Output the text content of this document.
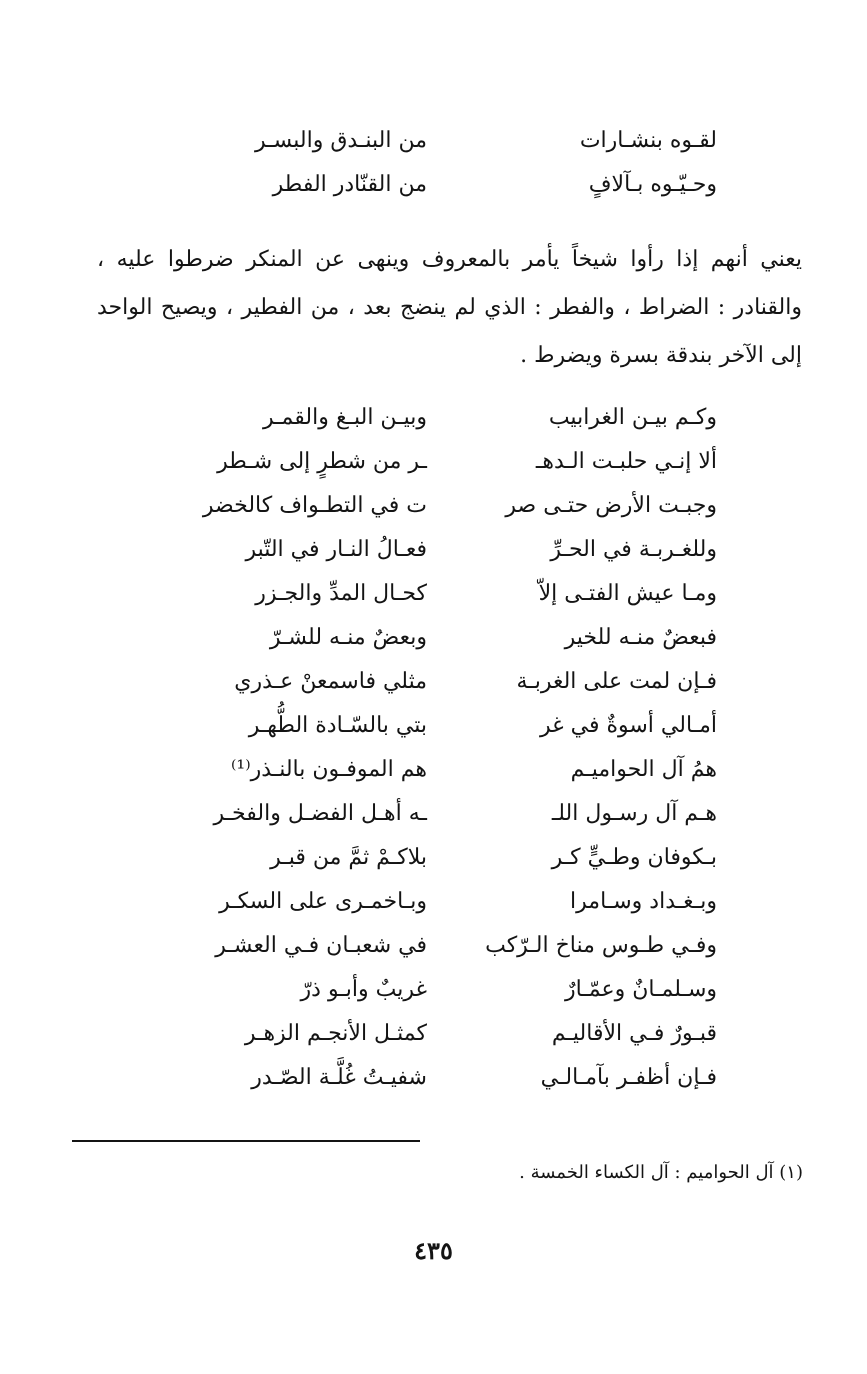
لقـوه بنشـارات
من البنـدق والبسـر
وحـيّـوه بـآلافٍ
من القنّادر الفطر
يعني أنهم إذا رأوا شيخاً يأمر بالمعروف وينهى عن المنكر ضرطوا عليه ، والقنادر : الضراط ، والفطر : الذي لم ينضج بعد ، من الفطير ، ويصيح الواحد إلى الآخر بندقة بسرة ويضرط .
وكـم بيـن الغرابيب
وبيـن البـغ والقمـر
ألا إنـي حلبـت الـدهـ
ـر من شطرٍ إلى شـطر
وجبـت الأرض حتـى صر
ت في التطـواف كالخضر
وللغـربـة في الحـرِّ
فعـالُ النـار في التّبر
ومـا عيش الفتـى إلاّ
كحـال المدِّ والجـزر
فبعضٌ منـه للخير
وبعضٌ منـه للشـرّ
فـإن لمت على الغربـة
مثلي فاسمعنْ عـذري
أمـالي أسوةٌ في غر
بتي بالسّـادة الطُّهـر
همُ آل الحواميـم
هم الموفـون بالنـذر⁽¹⁾
هـم آل رسـول اللـ
ـه أهـل الفضـل والفخـر
بـكوفان وطـيٍّ كـر
بلاكـمْ ثمَّ من قبـر
وبـغـداد وسـامرا
وبـاخمـرى على السكـر
وفـي طـوس مناخ الـرّكب
في شعبـان فـي العشـر
وسـلمـانٌ وعمّـارٌ
غريبٌ وأبـو ذرّ
قبـورٌ فـي الأقاليـم
كمثـل الأنجـم الزهـر
فـإن أظفـر بآمـالـي
شفيـتُ غُلَّـة الصّـدر
(١) آل الحواميم : آل الكساء الخمسة .
٤٣٥
